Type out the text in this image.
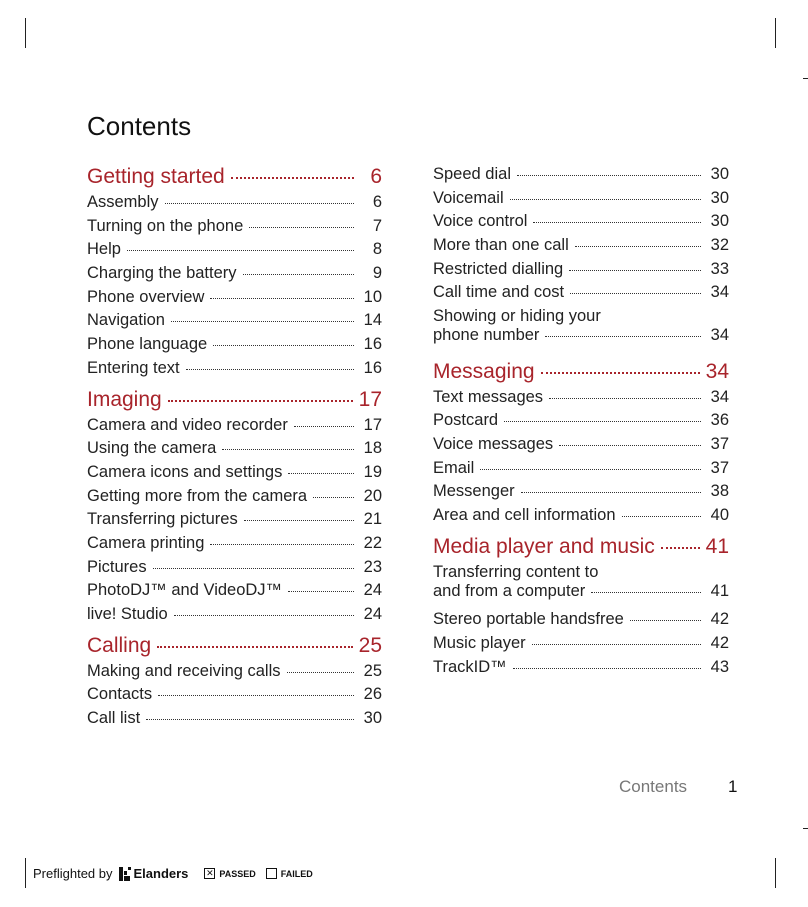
Contents
Getting started	6
Assembly	6
Turning on the phone	7
Help	8
Charging the battery	9
Phone overview	10
Navigation	14
Phone language	16
Entering text	16
Imaging	17
Camera and video recorder	17
Using the camera	18
Camera icons and settings	19
Getting more from the camera	20
Transferring pictures	21
Camera printing	22
Pictures	23
PhotoDJ™ and VideoDJ™	24
live! Studio	24
Calling	25
Making and receiving calls	25
Contacts	26
Call list	30
Speed dial	30
Voicemail	30
Voice control	30
More than one call	32
Restricted dialling	33
Call time and cost	34
Showing or hiding your
phone number	34
Messaging	34
Text messages	34
Postcard	36
Voice messages	37
Email	37
Messenger	38
Area and cell information	40
Media player and music 41
Transferring content to
and from a computer	41
Stereo portable handsfree	42
Music player	42
TrackID™	43
Contents 1
Preflighted by Elanders ✕ PASSED	FAILED
